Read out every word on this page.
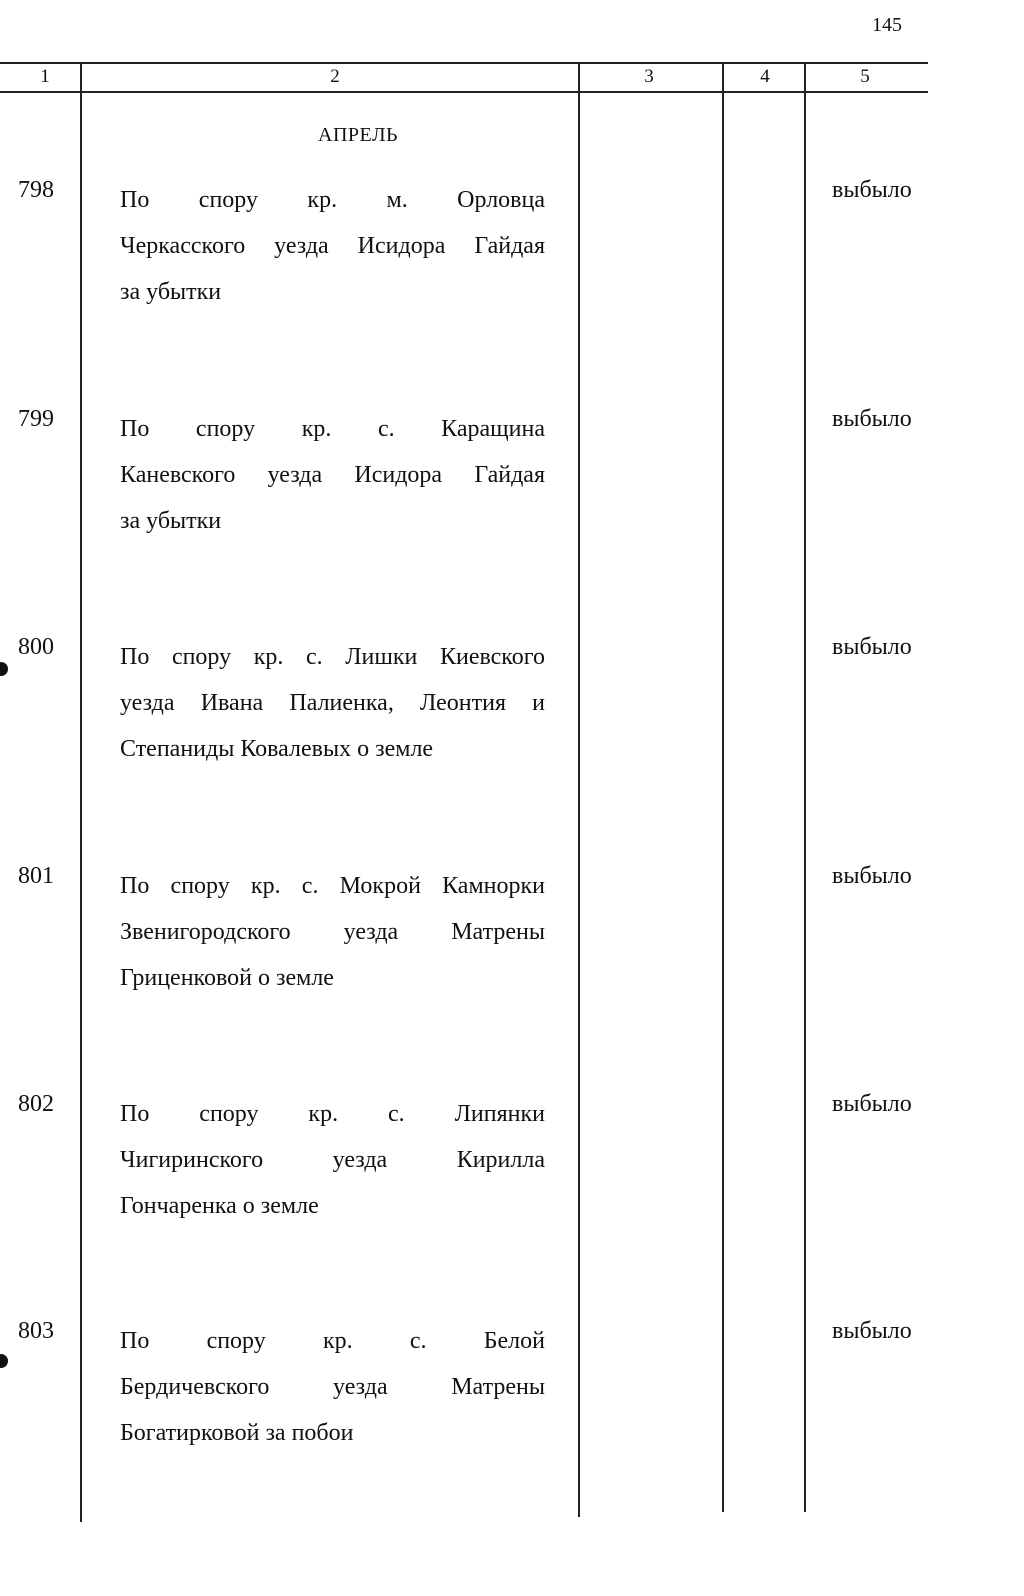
145
1	2	3	4	5
АПРЕЛЬ
798	По спору кр. м. Орловца
Черкасского уезда Исидора Гайдая
за убытки
выбыло
799	По спору кр. с. Каращина
Каневского уезда Исидора Гайдая
за убытки
выбыло
800	По спору кр. с. Лишки Киевского
уезда Ивана Палиенка, Леонтия и
Степаниды Ковалевых о земле
выбыло
801	По спору кр. с. Мокрой Камнорки
Звенигородского уезда Матрены
Гриценковой о земле
выбыло
802	По спору кр. с. Липянки
Чигиринского уезда Кирилла
Гончаренка о земле
выбыло
803	По спору кр. с. Белой
Бердичевского уезда Матрены
Богатирковой за побои
выбыло
